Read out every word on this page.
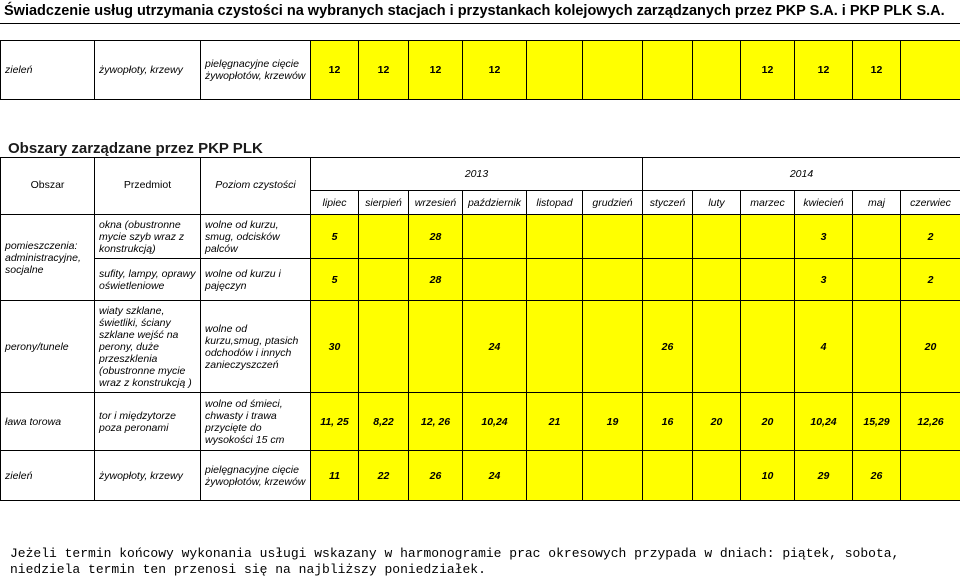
Świadczenie usług utrzymania czystości na wybranych stacjach i przystankach kolejowych zarządzanych przez PKP S.A. i PKP PLK S.A.
zieleń	żywopłoty, krzewy	pielęgnacyjne cięcie żywopłotów, krzewów	12	12	12	12					12	12	12	
Obszary zarządzane przez PKP PLK
Obszar	Przedmiot	Poziom czystości	2013						2014					
			lipiec	sierpień	wrzesień	październik	listopad	grudzień	styczeń	luty	marzec	kwiecień	maj	czerwiec
pomieszczenia: administracyjne, socjalne	okna (obustronne mycie szyb wraz z konstrukcją)	wolne od kurzu, smug, odcisków palców	5		28							3		2
	sufity, lampy, oprawy oświetleniowe	wolne od kurzu i pajęczyn	5		28							3		2
perony/tunele	wiaty szklane, świetliki, ściany szklane wejść na perony, duże przeszklenia (obustronne mycie wraz z konstrukcją )	wolne od kurzu,smug, ptasich odchodów i innych zanieczyszczeń	30			24			26			4		20
ława torowa	tor i międzytorze poza peronami	wolne od śmieci, chwasty i trawa przycięte do wysokości 15 cm	11, 25	8,22	12, 26	10,24	21	19	16	20	20	10,24	15,29	12,26
zieleń	żywopłoty, krzewy	pielęgnacyjne cięcie żywopłotów, krzewów	11	22	26	24					10	29	26	
Jeżeli termin końcowy wykonania usługi wskazany w harmonogramie prac okresowych przypada w dniach: piątek, sobota, niedziela termin ten przenosi się na najbliższy poniedziałek.
